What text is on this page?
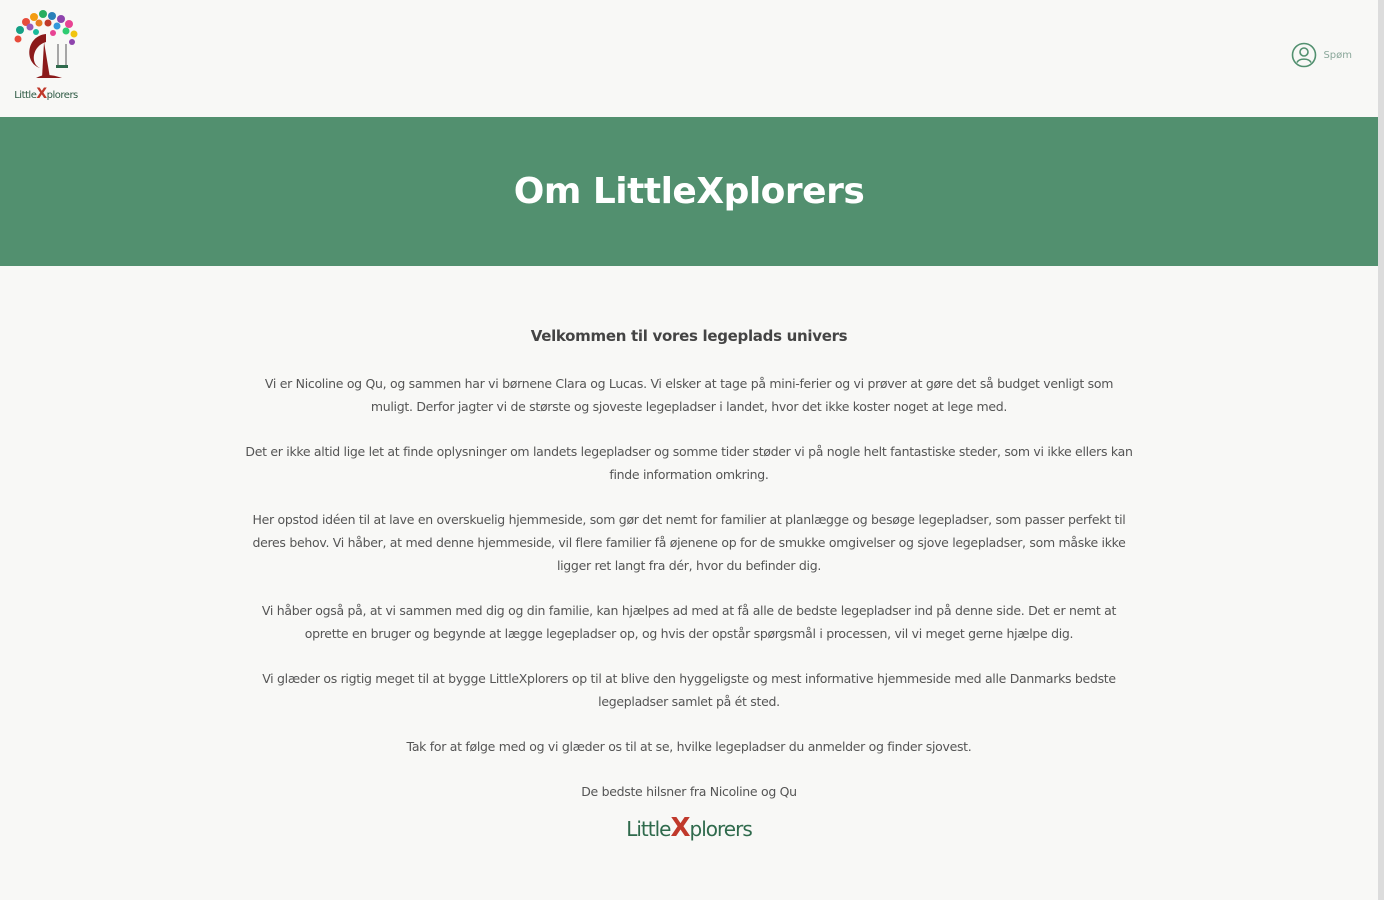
LittleXplorers
Spøm
Om LittleXplorers
Velkommen til vores legeplads univers

Vi er Nicoline og Qu, og sammen har vi børnene Clara og Lucas. Vi elsker at tage på mini-ferier og vi prøver at gøre det så budget venligt som muligt. Derfor jagter vi de største og sjoveste legepladser i landet, hvor det ikke koster noget at lege med.

Det er ikke altid lige let at finde oplysninger om landets legepladser og somme tider støder vi på nogle helt fantastiske steder, som vi ikke ellers kan finde information omkring.

Her opstod idéen til at lave en overskuelig hjemmeside, som gør det nemt for familier at planlægge og besøge legepladser, som passer perfekt til deres behov. Vi håber, at med denne hjemmeside, vil flere familier få øjenene op for de smukke omgivelser og sjove legepladser, som måske ikke ligger ret langt fra dér, hvor du befinder dig.

Vi håber også på, at vi sammen med dig og din familie, kan hjælpes ad med at få alle de bedste legepladser ind på denne side. Det er nemt at oprette en bruger og begynde at lægge legepladser op, og hvis der opstår spørgsmål i processen, vil vi meget gerne hjælpe dig.

Vi glæder os rigtig meget til at bygge LittleXplorers op til at blive den hyggeligste og mest informative hjemmeside med alle Danmarks bedste legepladser samlet på ét sted.

Tak for at følge med og vi glæder os til at se, hvilke legepladser du anmelder og finder sjovest.

De bedste hilsner fra Nicoline og Qu

LittleXplorers
